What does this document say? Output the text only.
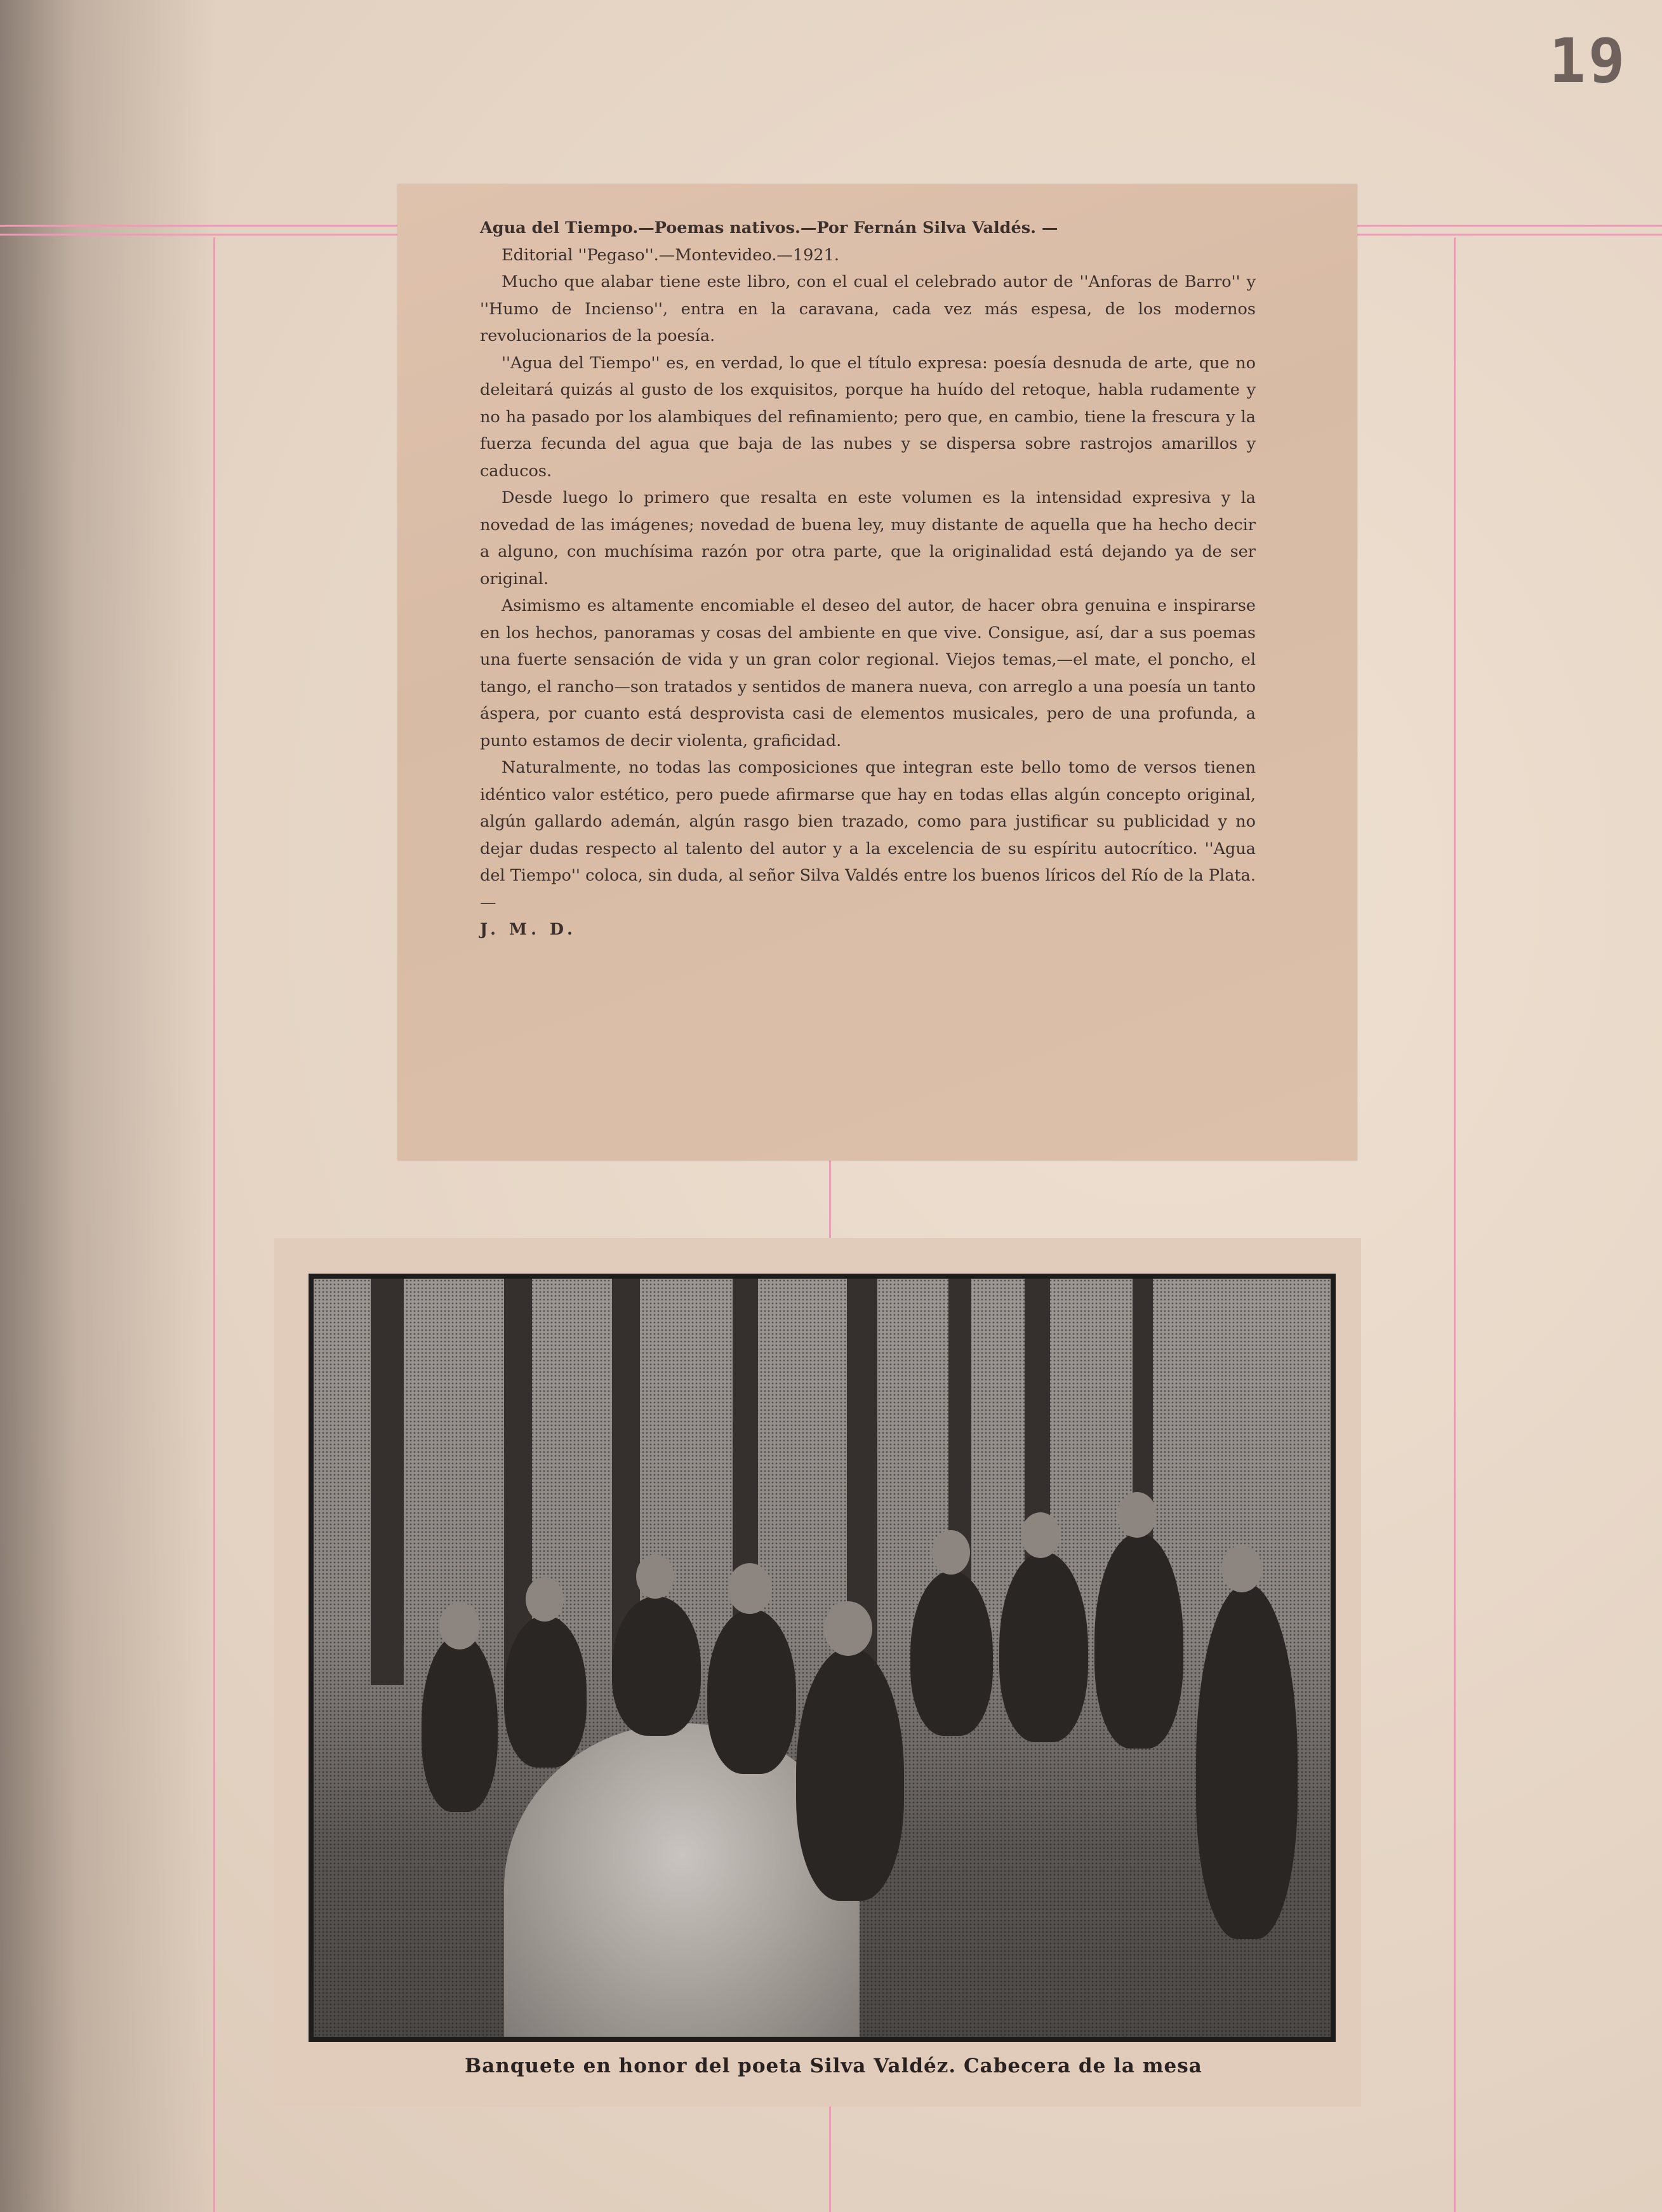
19

Agua del Tiempo.—Poemas nativos.—Por Fernán Silva Valdés. —

Editorial ''Pegaso''.—Montevideo.—1921.

Mucho que alabar tiene este libro, con el cual el celebrado autor de ''Anforas de Barro'' y ''Humo de Incienso'', entra en la caravana, cada vez más espesa, de los modernos revolucionarios de la poesía.

''Agua del Tiempo'' es, en verdad, lo que el título expresa: poesía desnuda de arte, que no deleitará quizás al gusto de los exquisitos, porque ha huído del retoque, habla rudamente y no ha pasado por los alambiques del refinamiento; pero que, en cambio, tiene la frescura y la fuerza fecunda del agua que baja de las nubes y se dispersa sobre rastrojos amarillos y caducos.

Desde luego lo primero que resalta en este volumen es la intensidad expresiva y la novedad de las imágenes; novedad de buena ley, muy distante de aquella que ha hecho decir a alguno, con muchísima razón por otra parte, que la originalidad está dejando ya de ser original.

Asimismo es altamente encomiable el deseo del autor, de hacer obra genuina e inspirarse en los hechos, panoramas y cosas del ambiente en que vive. Consigue, así, dar a sus poemas una fuerte sensación de vida y un gran color regional. Viejos temas,—el mate, el poncho, el tango, el rancho—son tratados y sentidos de manera nueva, con arreglo a una poesía un tanto áspera, por cuanto está desprovista casi de elementos musicales, pero de una profunda, a punto estamos de decir violenta, graficidad.

Naturalmente, no todas las composiciones que integran este bello tomo de versos tienen idéntico valor estético, pero puede afirmarse que hay en todas ellas algún concepto original, algún gallardo ademán, algún rasgo bien trazado, como para justificar su publicidad y no dejar dudas respecto al talento del autor y a la excelencia de su espíritu autocrítico. ''Agua del Tiempo'' coloca, sin duda, al señor Silva Valdés entre los buenos líricos del Río de la Plata. —

J. M. D.

Banquete en honor del poeta Silva Valdéz. Cabecera de la mesa
